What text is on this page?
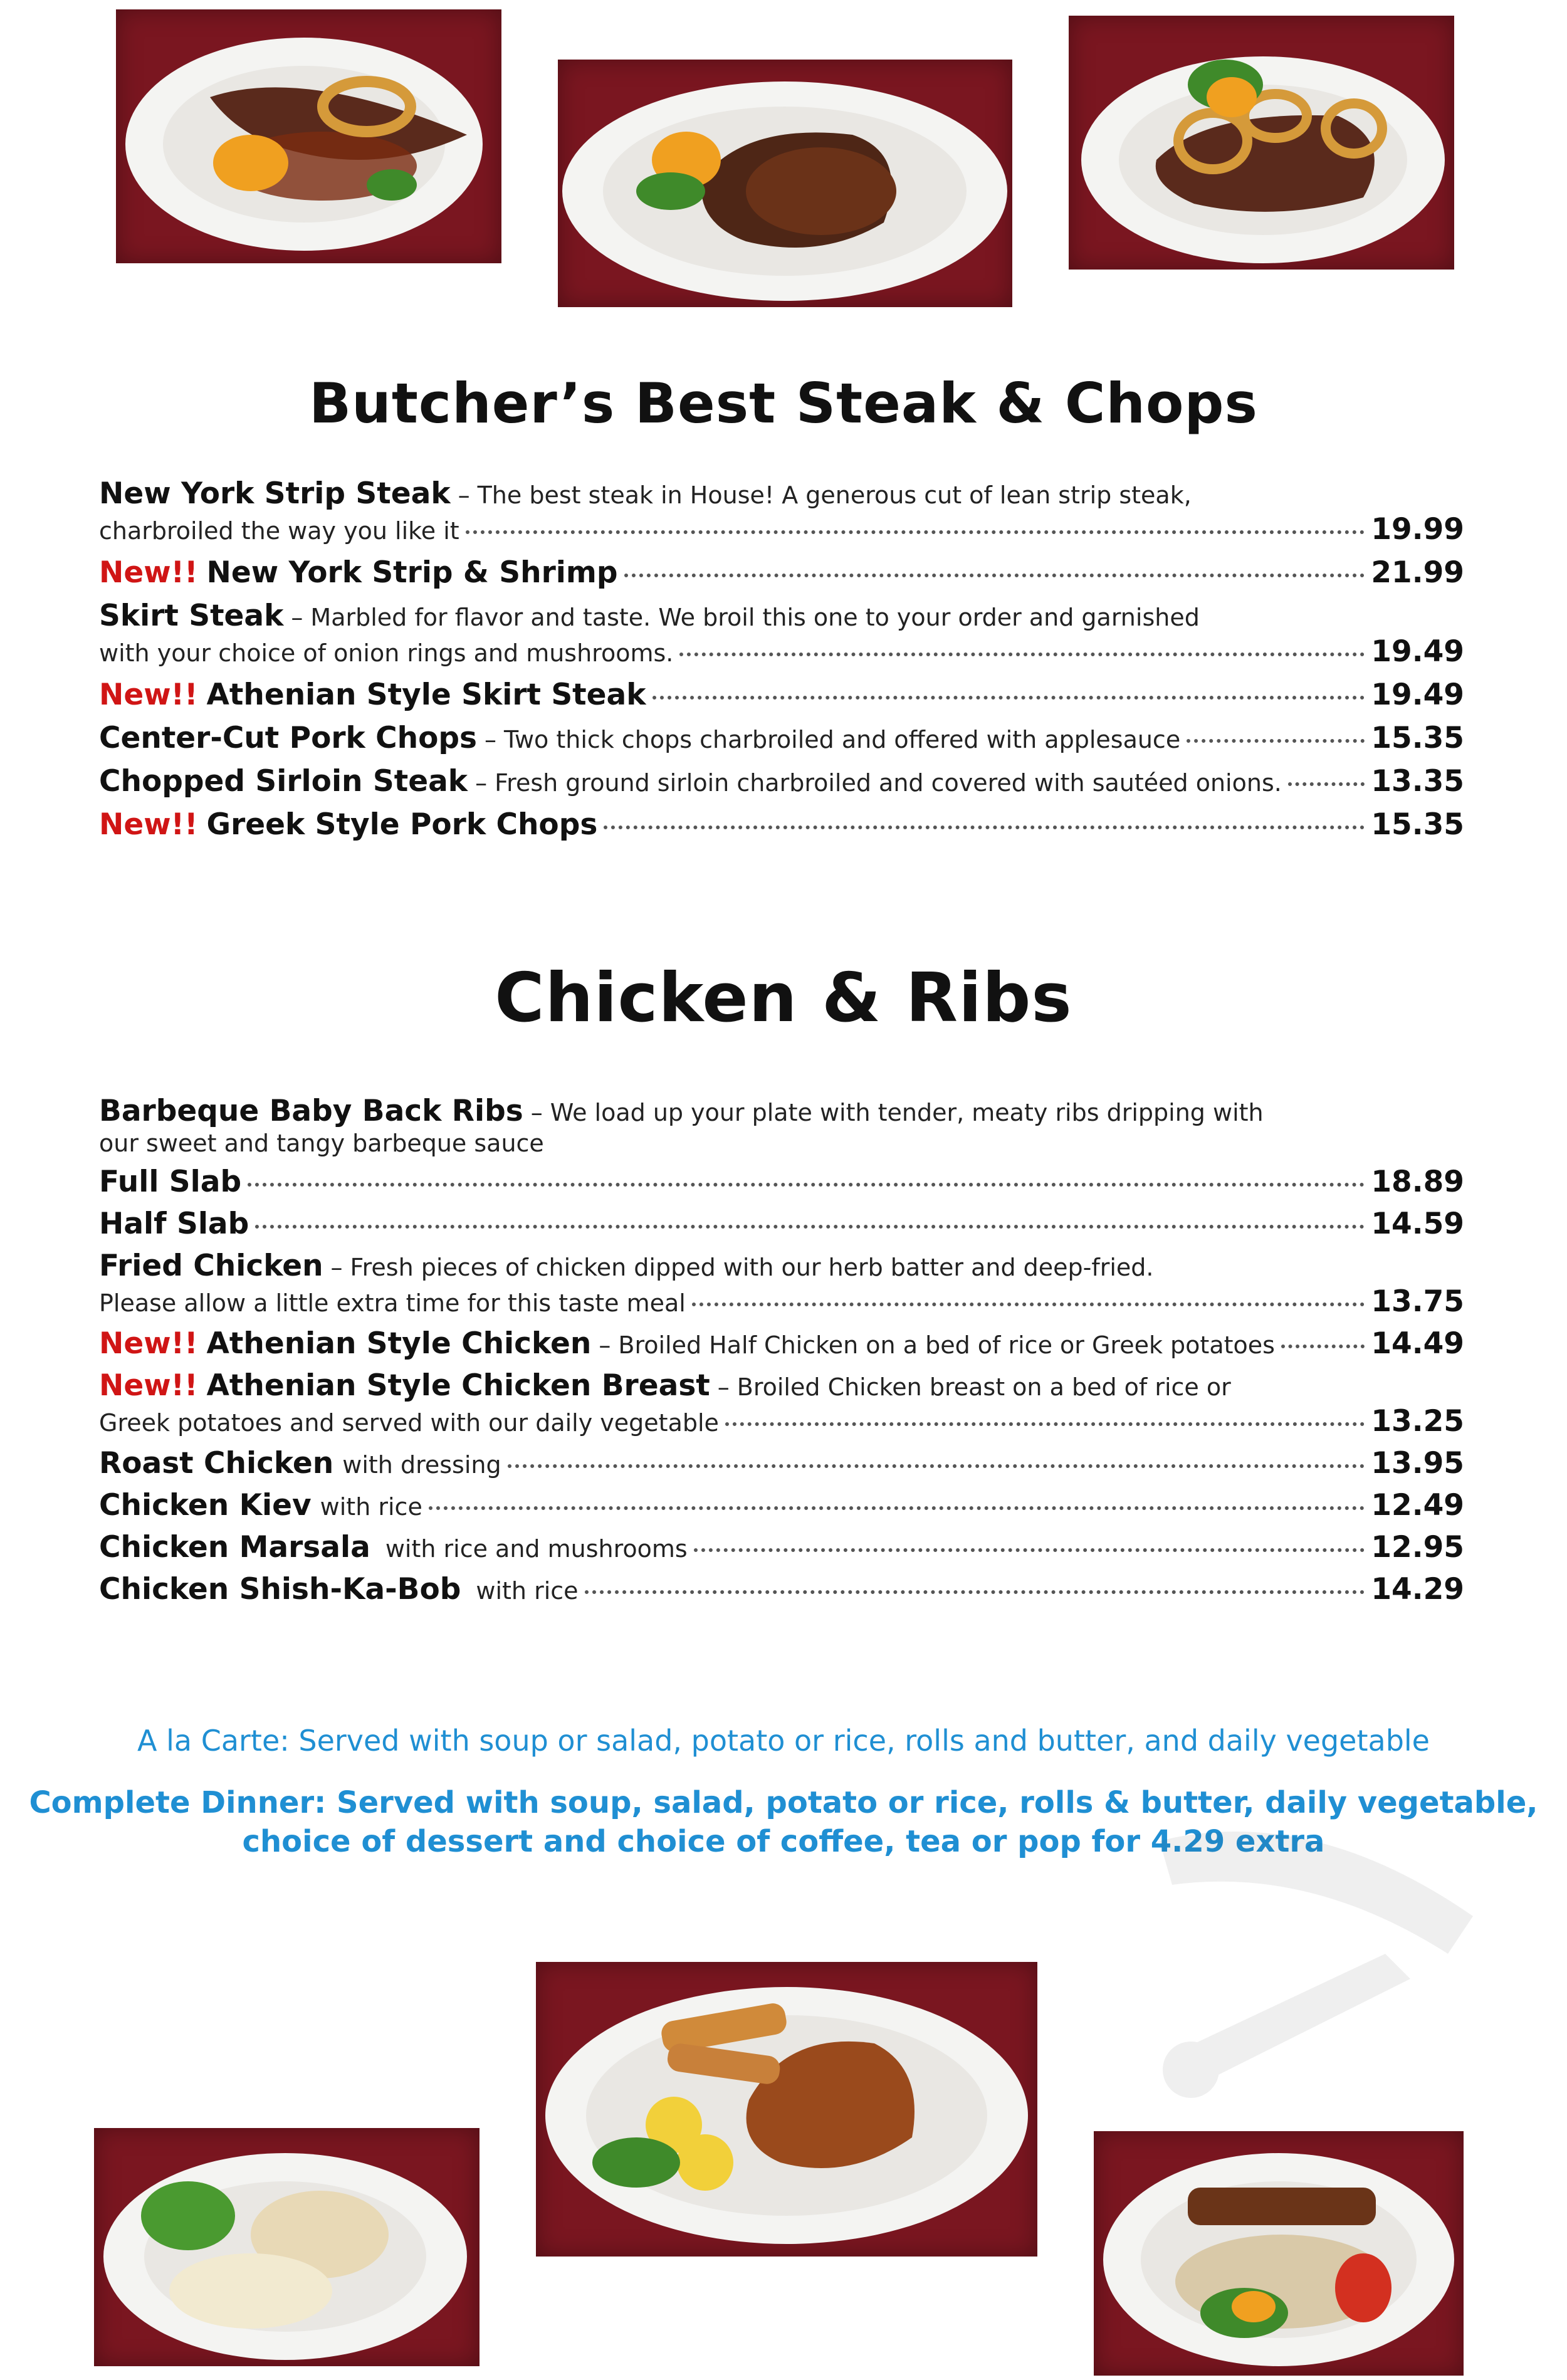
Butcher’s Best Steak & Chops
New York Strip Steak – The best steak in House! A generous cut of lean strip steak,
charbroiled the way you like it	19.99
New!! New York Strip & Shrimp	21.99
Skirt Steak – Marbled for flavor and taste. We broil this one to your order and garnished
with your choice of onion rings and mushrooms.	19.49
New!! Athenian Style Skirt Steak	19.49
Center-Cut Pork Chops – Two thick chops charbroiled and offered with applesauce	15.35
Chopped Sirloin Steak – Fresh ground sirloin charbroiled and covered with sautéed onions.	13.35
New!! Greek Style Pork Chops	15.35
Chicken & Ribs
Barbeque Baby Back Ribs – We load up your plate with tender, meaty ribs dripping with
our sweet and tangy barbeque sauce
Full Slab	18.89
Half Slab	14.59
Fried Chicken – Fresh pieces of chicken dipped with our herb batter and deep-fried.
Please allow a little extra time for this taste meal	13.75
New!! Athenian Style Chicken – Broiled Half Chicken on a bed of rice or Greek potatoes	14.49
New!! Athenian Style Chicken Breast – Broiled Chicken breast on a bed of rice or
Greek potatoes and served with our daily vegetable	13.25
Roast Chicken with dressing	13.95
Chicken Kiev with rice	12.49
Chicken Marsala with rice and mushrooms	12.95
Chicken Shish-Ka-Bob with rice	14.29
A la Carte: Served with soup or salad, potato or rice, rolls and butter, and daily vegetable
Complete Dinner: Served with soup, salad, potato or rice, rolls & butter, daily vegetable,
choice of dessert and choice of coffee, tea or pop for 4.29 extra
